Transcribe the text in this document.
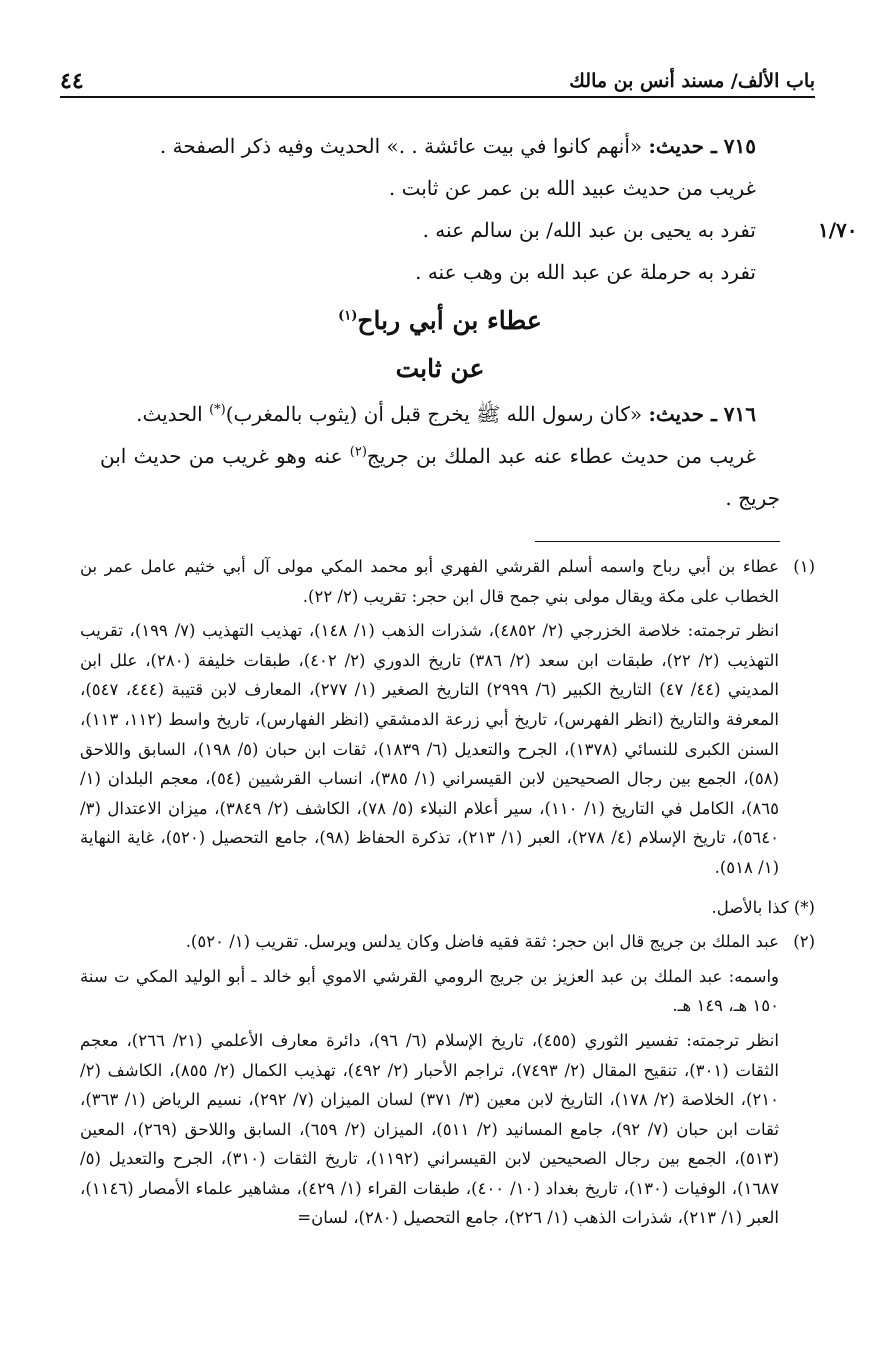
باب الألف/ مسند أنس بن مالك
٤٤
١/٧٠

٧١٥ ـ حديث: «أنهم كانوا في بيت عائشة . .» الحديث وفيه ذكر الصفحة .

غريب من حديث عبيد الله بن عمر عن ثابت .

تفرد به يحيى بن عبد الله/ بن سالم عنه .

تفرد به حرملة عن عبد الله بن وهب عنه .

عطاء بن أبي رباح$^{(١)}$

عن ثابت

٧١٦ ـ حديث: «كان رسول الله ﷺ يخرج قبل أن (يثوب بالمغرب)(*) الحديث.

غريب من حديث عطاء عنه عبد الملك بن جريج$^{(٢)}$ عنه وهو غريب من حديث ابن جريج .

(١)

عطاء بن أبي رباح واسمه أسلم القرشي الفهري أبو محمد المكي مولى آل أبي خثيم عامل عمر بن الخطاب على مكة ويقال مولى بني جمح قال ابن حجر: تقريب (٢/ ٢٢).

انظر ترجمته: خلاصة الخزرجي (٢/ ٤٨٥٢)، شذرات الذهب (١/ ١٤٨)، تهذيب التهذيب (٧/ ١٩٩)، تقريب التهذيب (٢/ ٢٢)، طبقات ابن سعد (٢/ ٣٨٦) تاريخ الدوري (٢/ ٤٠٢)، طبقات خليفة (٢٨٠)، علل ابن المديني (٤٤/ ٤٧) التاريخ الكبير (٦/ ٢٩٩٩) التاريخ الصغير (١/ ٢٧٧)، المعارف لابن قتيبة (٤٤٤، ٥٤٧)، المعرفة والتاريخ (انظر الفهرس)، تاريخ أبي زرعة الدمشقي (انظر الفهارس)، تاريخ واسط (١١٢، ١١٣)، السنن الكبرى للنسائي (١٣٧٨)، الجرح والتعديل (٦/ ١٨٣٩)، ثقات ابن حبان (٥/ ١٩٨)، السابق واللاحق (٥٨)، الجمع بين رجال الصحيحين لابن القيسراني (١/ ٣٨٥)، انساب القرشيين (٥٤)، معجم البلدان (١/ ٨٦٥)، الكامل في التاريخ (١/ ١١٠)، سير أعلام النبلاء (٥/ ٧٨)، الكاشف (٢/ ٣٨٤٩)، ميزان الاعتدال (٣/ ٥٦٤٠)، تاريخ الإسلام (٤/ ٢٧٨)، العبر (١/ ٢١٣)، تذكرة الحفاظ (٩٨)، جامع التحصيل (٥٢٠)، غاية النهاية (١/ ٥١٨).

(*) كذا بالأصل.
(٢)

عبد الملك بن جريج قال ابن حجر: ثقة فقيه فاضل وكان يدلس ويرسل. تقريب (١/ ٥٢٠).

واسمه: عبد الملك بن عبد العزيز بن جريج الرومي القرشي الاموي أبو خالد ـ أبو الوليد المكي ت سنة ١٥٠ هـ، ١٤٩ هـ.

انظر ترجمته: تفسير الثوري (٤٥٥)، تاريخ الإسلام (٦/ ٩٦)، دائرة معارف الأعلمي (٢١/ ٢٦٦)، معجم الثقات (٣٠١)، تنقيح المقال (٢/ ٧٤٩٣)، تراجم الأحبار (٢/ ٤٩٢)، تهذيب الكمال (٢/ ٨٥٥)، الكاشف (٢/ ٢١٠)، الخلاصة (٢/ ١٧٨)، التاريخ لابن معين (٣/ ٣٧١) لسان الميزان (٧/ ٢٩٢)، نسيم الرياض (١/ ٣٦٣)، ثقات ابن حبان (٧/ ٩٢)، جامع المسانيد (٢/ ٥١١)، الميزان (٢/ ٦٥٩)، السابق واللاحق (٢٦٩)، المعين (٥١٣)، الجمع بين رجال الصحيحين لابن القيسراني (١١٩٢)، تاريخ الثقات (٣١٠)، الجرح والتعديل (٥/ ١٦٨٧)، الوفيات (١٣٠)، تاريخ بغداد (١٠/ ٤٠٠)، طبقات القراء (١/ ٤٢٩)، مشاهير علماء الأمصار (١١٤٦)، العبر (١/ ٢١٣)، شذرات الذهب (١/ ٢٢٦)، جامع التحصيل (٢٨٠)، لسان=
